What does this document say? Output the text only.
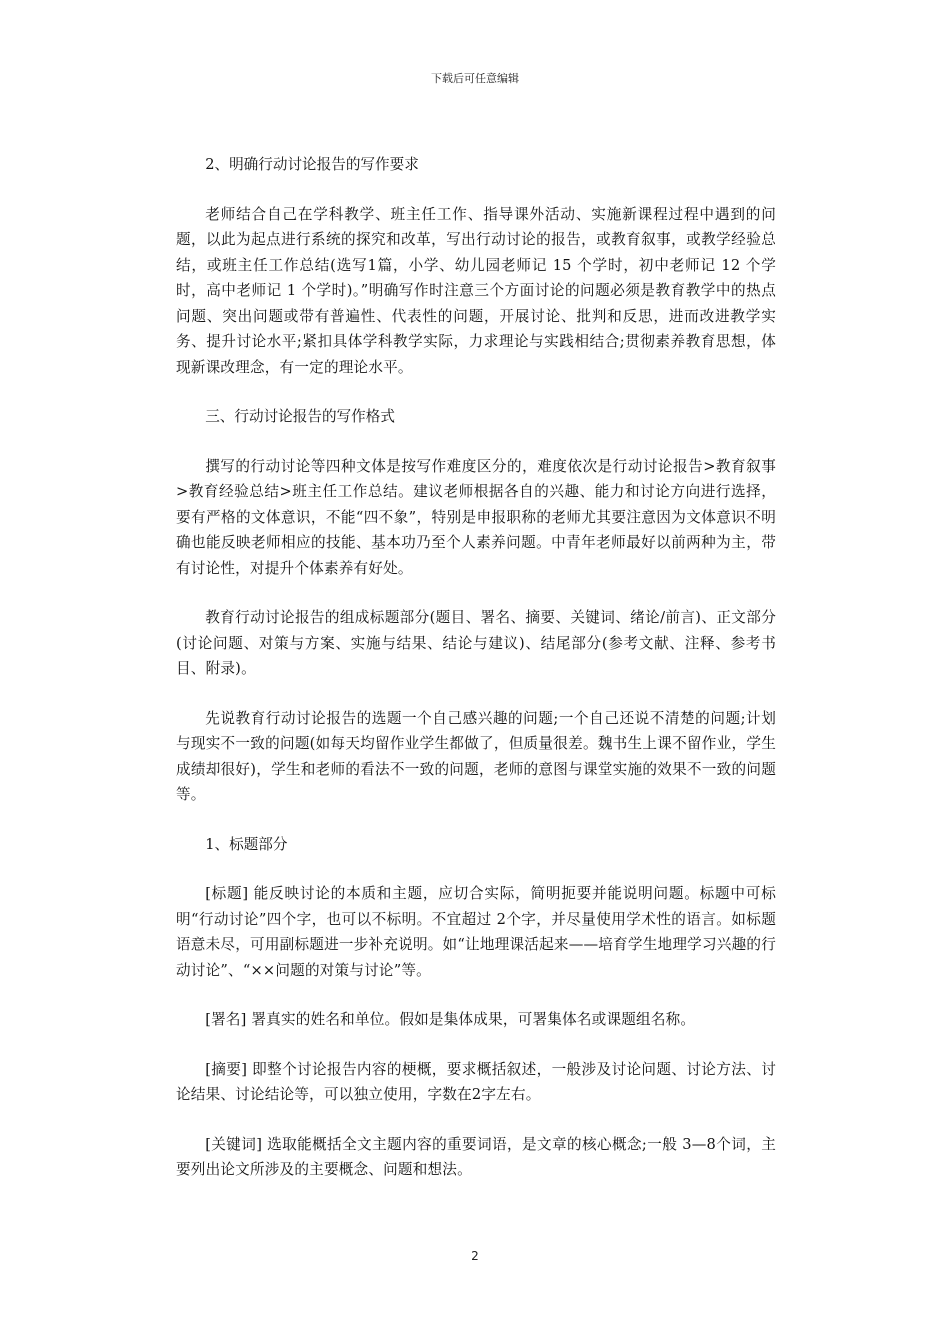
下载后可任意编辑

2、明确行动讨论报告的写作要求

老师结合自己在学科教学、班主任工作、指导课外活动、实施新课程过程中遇到的问题，以此为起点进行系统的探究和改革，写出行动讨论的报告，或教育叙事，或教学经验总结，或班主任工作总结(选写1篇，小学、幼儿园老师记 15 个学时，初中老师记 12 个学时，高中老师记 1 个学时)。”明确写作时注意三个方面讨论的问题必须是教育教学中的热点问题、突出问题或带有普遍性、代表性的问题，开展讨论、批判和反思，进而改进教学实务、提升讨论水平;紧扣具体学科教学实际，力求理论与实践相结合;贯彻素养教育思想，体现新课改理念，有一定的理论水平。

三、行动讨论报告的写作格式

撰写的行动讨论等四种文体是按写作难度区分的，难度依次是行动讨论报告>教育叙事>教育经验总结>班主任工作总结。建议老师根据各自的兴趣、能力和讨论方向进行选择，要有严格的文体意识，不能“四不象”，特别是申报职称的老师尤其要注意因为文体意识不明确也能反映老师相应的技能、基本功乃至个人素养问题。中青年老师最好以前两种为主，带有讨论性，对提升个体素养有好处。

教育行动讨论报告的组成标题部分(题目、署名、摘要、关键词、绪论/前言)、正文部分(讨论问题、对策与方案、实施与结果、结论与建议)、结尾部分(参考文献、注释、参考书目、附录)。

先说教育行动讨论报告的选题一个自己感兴趣的问题;一个自己还说不清楚的问题;计划与现实不一致的问题(如每天均留作业学生都做了，但质量很差。魏书生上课不留作业，学生成绩却很好)，学生和老师的看法不一致的问题，老师的意图与课堂实施的效果不一致的问题等。

1、标题部分

[标题] 能反映讨论的本质和主题，应切合实际，简明扼要并能说明问题。标题中可标明“行动讨论”四个字，也可以不标明。不宜超过 2个字，并尽量使用学术性的语言。如标题语意未尽，可用副标题进一步补充说明。如“让地理课活起来——培育学生地理学习兴趣的行动讨论”、“××问题的对策与讨论”等。

[署名] 署真实的姓名和单位。假如是集体成果，可署集体名或课题组名称。

[摘要] 即整个讨论报告内容的梗概，要求概括叙述，一般涉及讨论问题、讨论方法、讨论结果、讨论结论等，可以独立使用，字数在2字左右。

[关键词] 选取能概括全文主题内容的重要词语，是文章的核心概念;一般 3—8个词，主要列出论文所涉及的主要概念、问题和想法。

2
